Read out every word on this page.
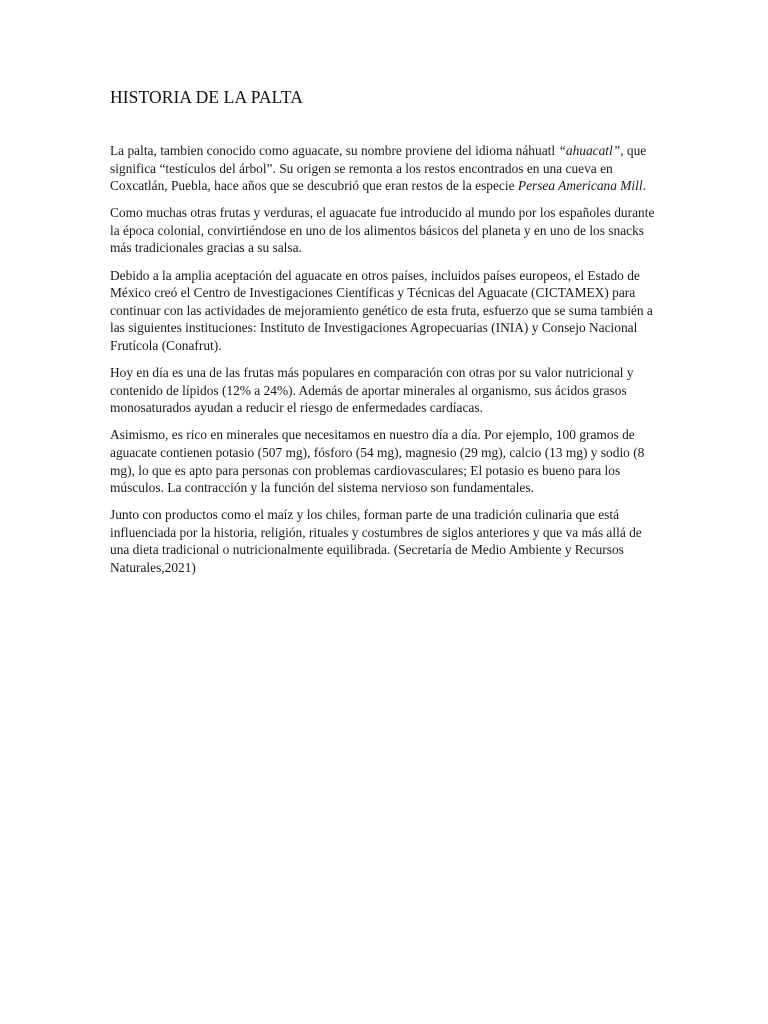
HISTORIA DE LA PALTA

La palta, tambien conocido como aguacate, su nombre proviene del idioma náhuatl “ahuacatl”, que significa “testículos del árbol”. Su origen se remonta a los restos encontrados en una cueva en Coxcatlán, Puebla, hace años que se descubrió que eran restos de la especie Persea Americana Mill.

Como muchas otras frutas y verduras, el aguacate fue introducido al mundo por los españoles durante la época colonial, convirtiéndose en uno de los alimentos básicos del planeta y en uno de los snacks más tradicionales gracias a su salsa.

Debido a la amplia aceptación del aguacate en otros países, incluidos países europeos, el Estado de México creó el Centro de Investigaciones Científicas y Técnicas del Aguacate (CICTAMEX) para continuar con las actividades de mejoramiento genético de esta fruta, esfuerzo que se suma también a las siguientes instituciones: Instituto de Investigaciones Agropecuarias (INIA) y Consejo Nacional Frutícola (Conafrut).

Hoy en día es una de las frutas más populares en comparación con otras por su valor nutricional y contenido de lípidos (12% a 24%). Además de aportar minerales al organismo, sus ácidos grasos monosaturados ayudan a reducir el riesgo de enfermedades cardíacas.

Asimismo, es rico en minerales que necesitamos en nuestro día a día. Por ejemplo, 100 gramos de aguacate contienen potasio (507 mg), fósforo (54 mg), magnesio (29 mg), calcio (13 mg) y sodio (8 mg), lo que es apto para personas con problemas cardiovasculares; El potasio es bueno para los músculos. La contracción y la función del sistema nervioso son fundamentales.

Junto con productos como el maíz y los chiles, forman parte de una tradición culinaria que está influenciada por la historia, religión, rituales y costumbres de siglos anteriores y que va más allá de una dieta tradicional o nutricionalmente equilibrada. (Secretaría de Medio Ambiente y Recursos Naturales,2021)
